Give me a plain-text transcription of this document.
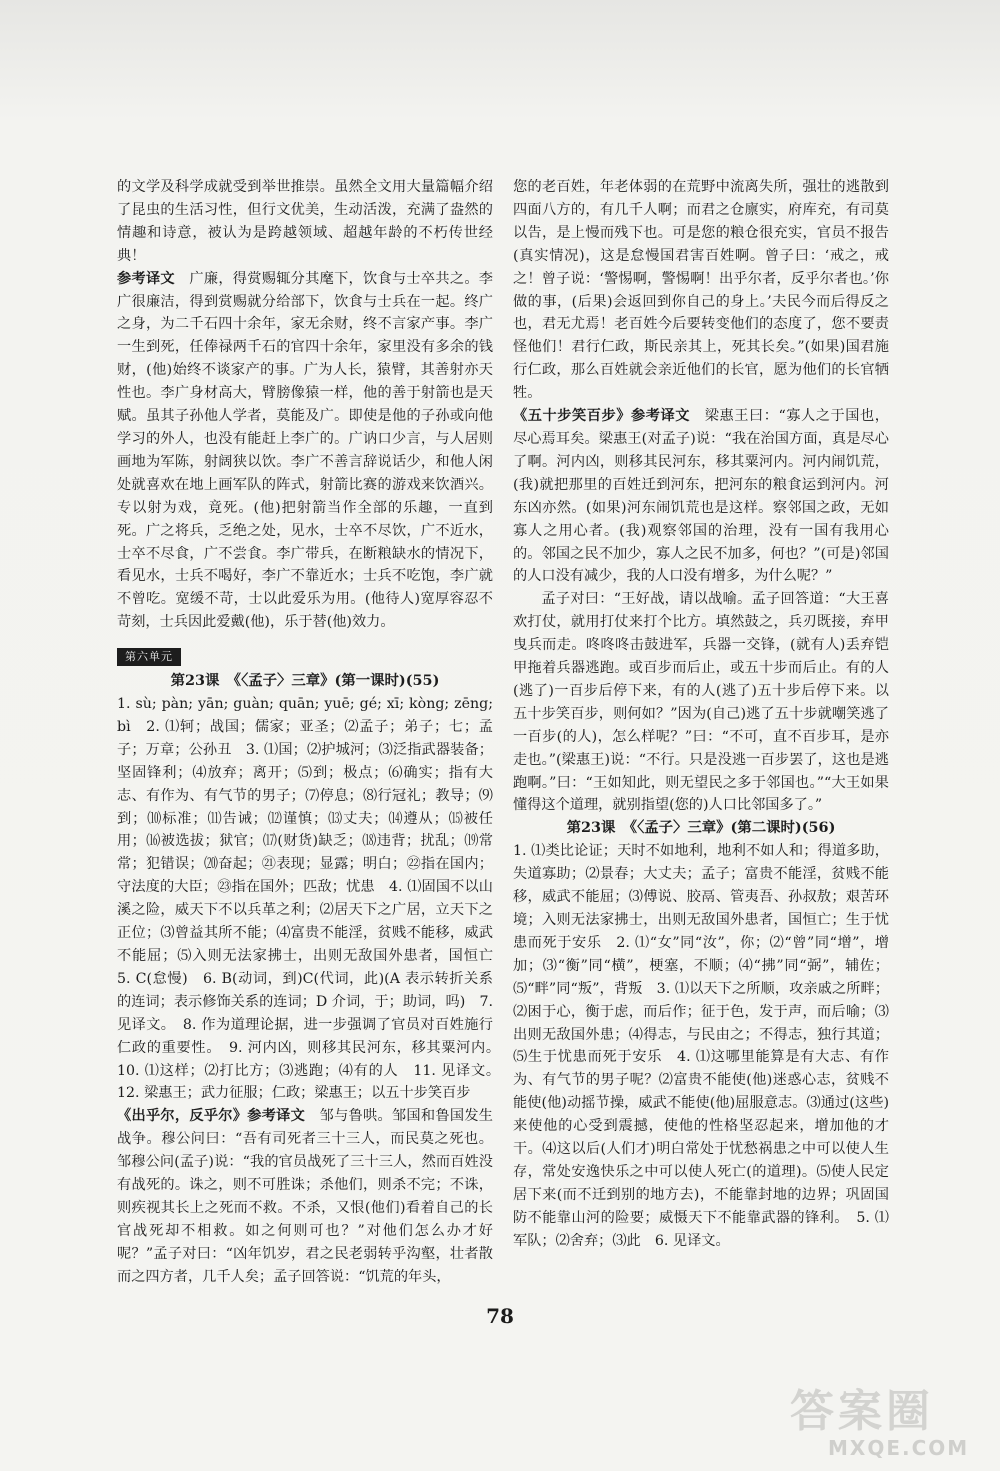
的文学及科学成就受到举世推崇。虽然全文用大量篇幅介绍了昆虫的生活习性，但行文优美，生动活泼，充满了盎然的情趣和诗意，被认为是跨越领域、超越年龄的不朽传世经典！

参考译文　 广廉，得赏赐辄分其麾下，饮食与士卒共之。李广很廉洁，得到赏赐就分给部下，饮食与士兵在一起。终广之身，为二千石四十余年，家无余财，终不言家产事。李广一生到死，任俸禄两千石的官四十余年，家里没有多余的钱财，(他)始终不谈家产的事。广为人长，猿臂，其善射亦天性也。李广身材高大，臂膀像猿一样，他的善于射箭也是天赋。虽其子孙他人学者，莫能及广。即使是他的子孙或向他学习的外人，也没有能赶上李广的。广讷口少言，与人居则画地为军陈，射阔狭以饮。李广不善言辞说话少，和他人闲处就喜欢在地上画军队的阵式，射箭比赛的游戏来饮酒兴。专以射为戏，竟死。(他)把射箭当作全部的乐趣，一直到死。广之将兵，乏绝之处，见水，士卒不尽饮，广不近水，士卒不尽食，广不尝食。李广带兵，在断粮缺水的情况下，看见水，士兵不喝好，李广不靠近水；士兵不吃饱，李广就不曾吃。宽缓不苛，士以此爱乐为用。(他待人)宽厚容忍不苛刻，士兵因此爱戴(他)，乐于替(他)效力。

第六单元

第23课　《〈孟子〉三章》(第一课时)(55)

1. sù; pàn; yān; guàn; quān; yuē; gé; xī; kòng; zēng; bì　2. ⑴轲；战国；儒家；亚圣；⑵孟子；弟子；七；孟子；万章；公孙丑　3. ⑴国；⑵护城河；⑶泛指武器装备；坚固锋利；⑷放弃；离开；⑸到；极点；⑹确实；指有大志、有作为、有气节的男子；⑺停息；⑻行冠礼；教导；⑼到；⑽标准；⑾告诫；⑿谨慎；⒀丈夫；⒁遵从；⒂被任用；⒃被选拔；狱官；⒄(财货)缺乏；⒅违背；扰乱；⒆常常；犯错误；⒇奋起；㉑表现；显露；明白；㉒指在国内；守法度的大臣；㉓指在国外；匹敌；忧患　4. ⑴固国不以山溪之险，威天下不以兵革之利；⑵居天下之广居，立天下之正位；⑶曾益其所不能；⑷富贵不能淫，贫贱不能移，威武不能屈；⑸入则无法家拂士，出则无敌国外患者，国恒亡　5. C(怠慢)　6. B(动词，到)C(代词，此)(A 表示转折关系的连词；表示修饰关系的连词；D 介词，于；助词，吗)　7. 见译文。　8. 作为道理论据，进一步强调了官员对百姓施行仁政的重要性。　9. 河内凶，则移其民河东，移其粟河内。　10. ⑴这样；⑵打比方；⑶逃跑；⑷有的人　11. 见译文。　12. 梁惠王；武力征服；仁政；梁惠王；以五十步笑百步

《出乎尔，反乎尔》参考译文　 邹与鲁哄。邹国和鲁国发生战争。穆公问曰：“吾有司死者三十三人，而民莫之死也。邹穆公问(孟子)说：“我的官员战死了三十三人，然而百姓没有战死的。诛之，则不可胜诛；杀他们，则杀不完；不诛，则疾视其长上之死而不救。不杀，又恨(他们)看着自己的长官战死却不相救。如之何则可也？”对他们怎么办才好呢？”孟子对曰：“凶年饥岁，君之民老弱转乎沟壑，壮者散而之四方者，几千人矣；孟子回答说：“饥荒的年头，

您的老百姓，年老体弱的在荒野中流离失所，强壮的逃散到四面八方的，有几千人啊；而君之仓廪实，府库充，有司莫以告，是上慢而残下也。可是您的粮仓很充实，官员不报告(真实情况)，这是怠慢国君害百姓啊。曾子曰：‘戒之，戒之！曾子说：‘警惕啊，警惕啊！出乎尔者，反乎尔者也。’你做的事，(后果)会返回到你自己的身上。’夫民今而后得反之也，君无尤焉！老百姓今后要转变他们的态度了，您不要责怪他们！君行仁政，斯民亲其上，死其长矣。”(如果)国君施行仁政，那么百姓就会亲近他们的长官，愿为他们的长官牺牲。

《五十步笑百步》参考译文　 梁惠王曰：“寡人之于国也，尽心焉耳矣。梁惠王(对孟子)说：“我在治国方面，真是尽心了啊。河内凶，则移其民河东，移其粟河内。河内闹饥荒，(我)就把那里的百姓迁到河东，把河东的粮食运到河内。河东凶亦然。(如果)河东闹饥荒也是这样。察邻国之政，无如寡人之用心者。(我)观察邻国的治理，没有一国有我用心的。邻国之民不加少，寡人之民不加多，何也？”(可是)邻国的人口没有减少，我的人口没有增多，为什么呢？”

孟子对曰：“王好战，请以战喻。孟子回答道：“大王喜欢打仗，就用打仗来打个比方。填然鼓之，兵刃既接，弃甲曳兵而走。咚咚咚击鼓进军，兵器一交锋，(就有人)丢弃铠甲拖着兵器逃跑。或百步而后止，或五十步而后止。有的人(逃了)一百步后停下来，有的人(逃了)五十步后停下来。以五十步笑百步，则何如？”因为(自己)逃了五十步就嘲笑逃了一百步(的人)，怎么样呢？”曰：“不可，直不百步耳，是亦走也。”(梁惠王)说：“不行。只是没逃一百步罢了，这也是逃跑啊。”曰：“王如知此，则无望民之多于邻国也。”“大王如果懂得这个道理，就别指望(您的)人口比邻国多了。”

第23课　《〈孟子〉三章》(第二课时)(56)

1. ⑴类比论证；天时不如地利，地利不如人和；得道多助，失道寡助；⑵景春；大丈夫；孟子；富贵不能淫，贫贱不能移，威武不能屈；⑶傅说、胶鬲、管夷吾、孙叔敖；艰苦环境；入则无法家拂士，出则无敌国外患者，国恒亡；生于忧患而死于安乐　2. ⑴“女”同“汝”，你；⑵“曾”同“增”，增加；⑶“衡”同“横”，梗塞，不顺；⑷“拂”同“弼”，辅佐；⑸“畔”同“叛”，背叛　3. ⑴以天下之所顺，攻亲戚之所畔；⑵困于心，衡于虑，而后作；征于色，发于声，而后喻；⑶出则无敌国外患；⑷得志，与民由之；不得志，独行其道；⑸生于忧患而死于安乐　4. ⑴这哪里能算是有大志、有作为、有气节的男子呢？⑵富贵不能使(他)迷惑心志，贫贱不能使(他)动摇节操，威武不能使(他)屈服意志。⑶通过(这些)来使他的心受到震撼，使他的性格坚忍起来，增加他的才干。⑷这以后(人们才)明白常处于忧愁祸患之中可以使人生存，常处安逸快乐之中可以使人死亡(的道理)。⑸使人民定居下来(而不迁到别的地方去)，不能靠封地的边界；巩固国防不能靠山河的险要；威慑天下不能靠武器的锋利。　5. ⑴军队；⑵舍弃；⑶此　6. 见译文。

78
答案圈
MXQE.COM
